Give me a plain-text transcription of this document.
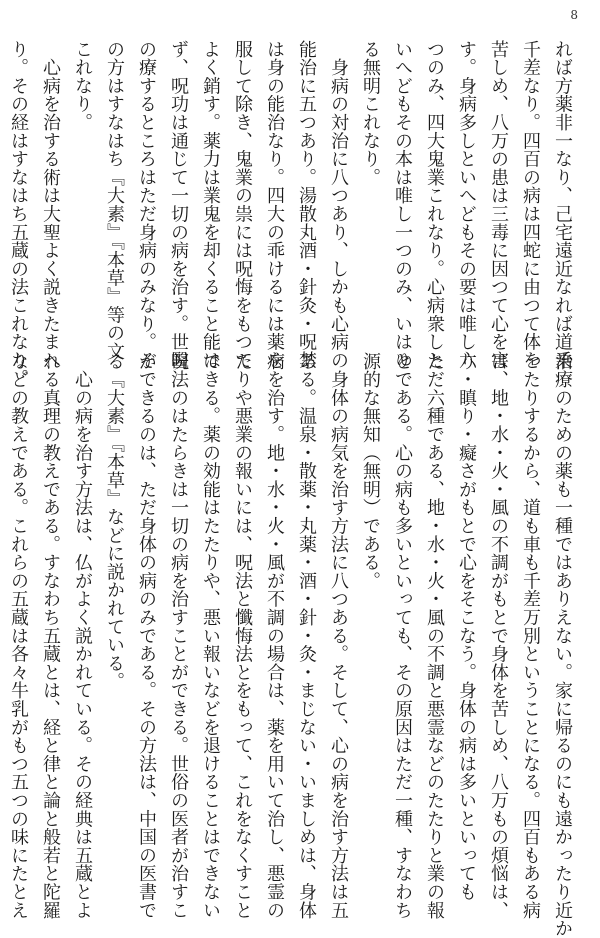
8
れば方薬非一なり、己宅遠近なれば道乗
千差なり。四百の病は四蛇に由つて体を
苦しめ、八万の患は三毒に因つて心を害
す。身病多しといへどもその要は唯し六
つのみ、四大鬼業これなり。心病衆しと
いへどもその本は唯し一つのみ、いはゆ
る無明これなり。
　身病の対治に八つあり、しかも心病の
能治に五つあり。湯散丸酒・針灸・呪禁
は身の能治なり。四大の乖けるには薬を
服して除き、鬼業の祟には呪悔をもつて
よく銷す。薬力は業鬼を却くること能は
ず、呪功は通じて一切の病を治す。世醫
の療するところはただ身病のみなり。そ
の方はすなはち『大素』『本草』等の文
これなり。
　心病を治する術は大聖よく説きたまへ
り。その経はすなはち五蔵の法これなり。
治療のための薬も一種ではありえない。家に帰るのにも遠かったり近か
ったりするから、道も車も千差万別ということになる。四百もある病
は、地・水・火・風の不調がもとで身体を苦しめ、八万もの煩悩は、
り・瞋り・癡さがもとで心をそこなう。身体の病は多いといっても
ただ六種である、地・水・火・風の不調と悪霊などのたたりと業の報
とである。心の病も多いといっても、その原因はただ一種、すなわち
源的な無知（無明）である。
　身体の病気を治す方法に八つある。そして、心の病を治す方法は五
ある。温泉・散薬・丸薬・酒・針・灸・まじない・いましめは、身体
病を治す。地・水・火・風が不調の場合は、薬を用いて治し、悪霊の
たりや悪業の報いには、呪法と懺悔法とをもって、これをなくすこと
できる。薬の効能はたたりや、悪い報いなどを退けることはできない
呪法のはたらきは一切の病を治すことができる。世俗の医者が治すこ
ができるのは、ただ身体の病のみである。その方法は、中国の医書で
る『大素』『本草』などに説かれている。
　心の病を治す方法は、仏がよく説かれている。その経典は五蔵とよ
れる真理の教えである。すなわち五蔵とは、経と律と論と般若と陀羅
などの教えである。これらの五蔵は各々牛乳がもつ五つの味にたとえ
